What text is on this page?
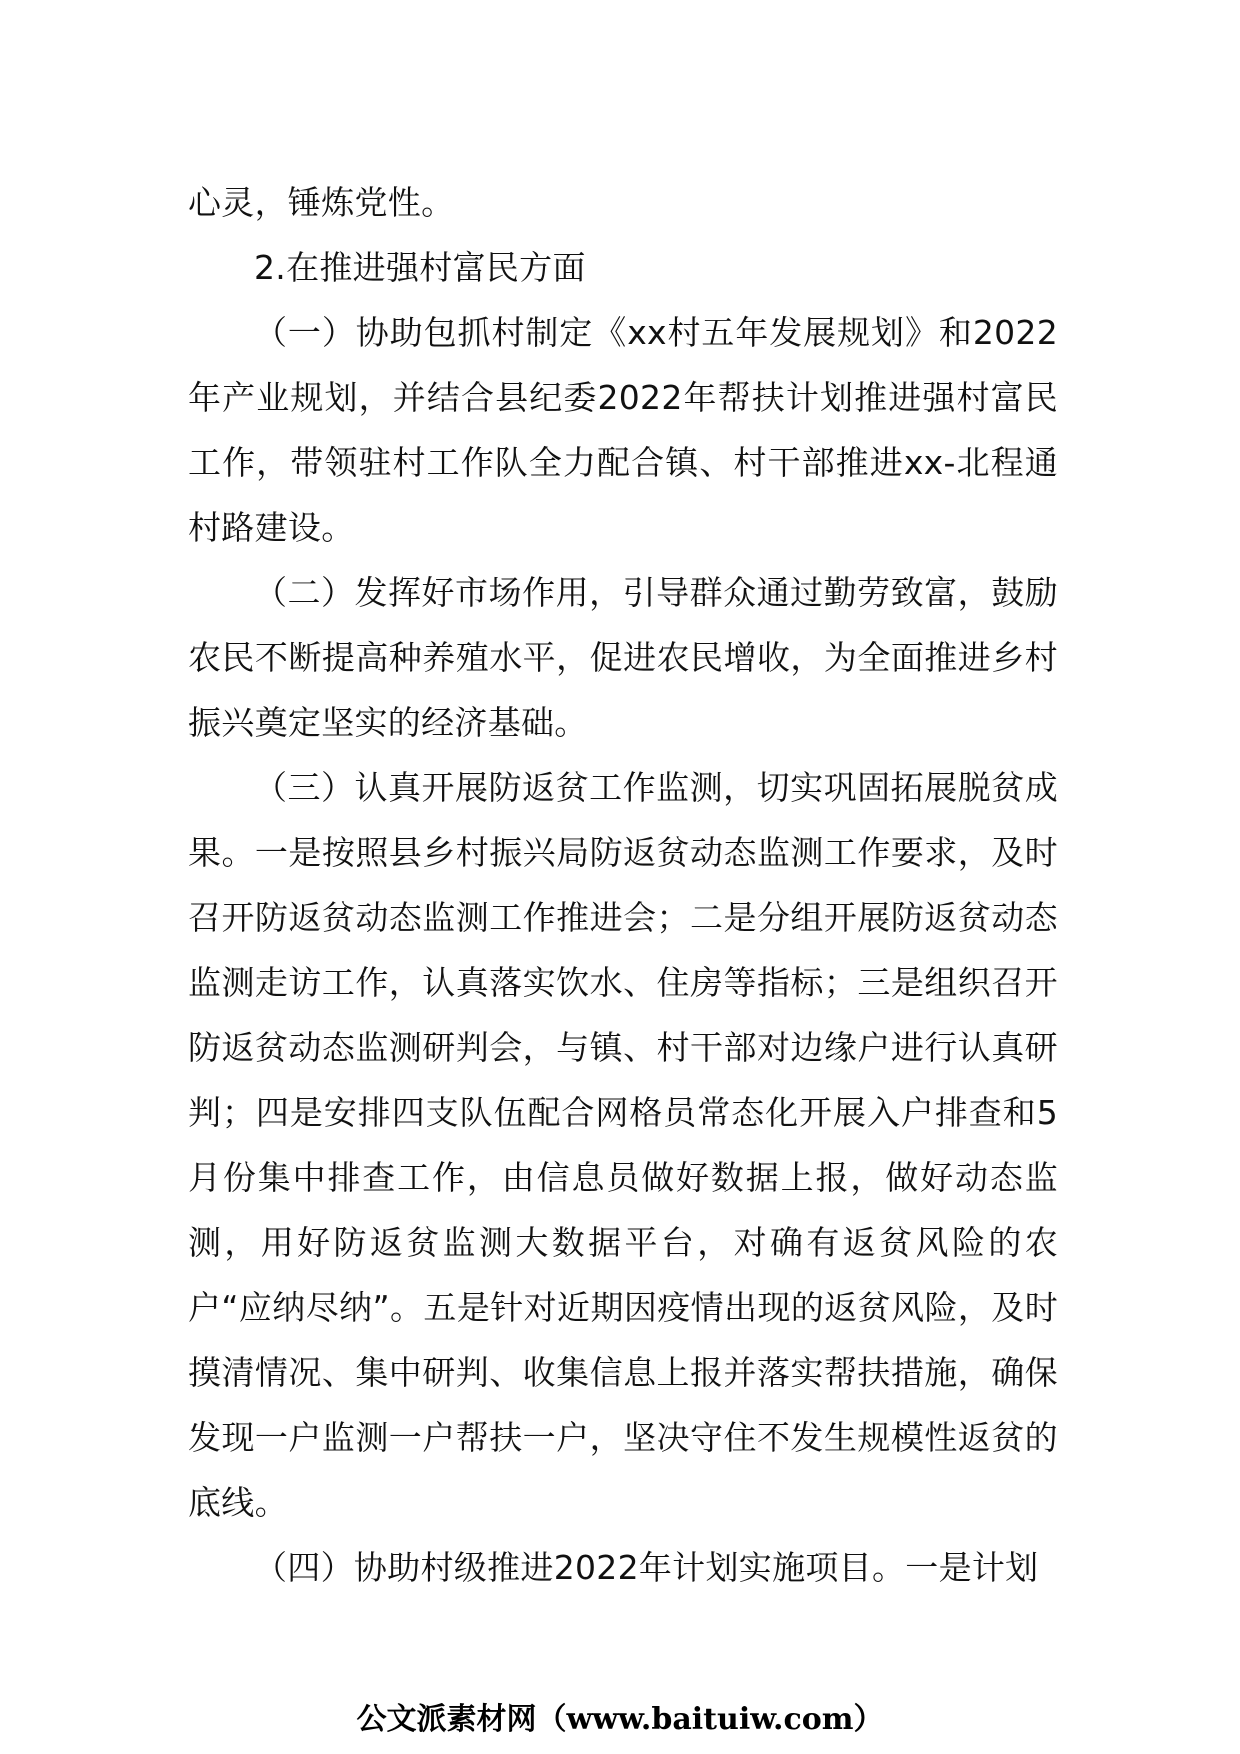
心灵，锤炼党性。

2.在推进强村富民方面

（一）协助包抓村制定《xx村五年发展规划》和2022年产业规划，并结合县纪委2022年帮扶计划推进强村富民工作，带领驻村工作队全力配合镇、村干部推进xx-北程通村路建设。

（二）发挥好市场作用，引导群众通过勤劳致富，鼓励农民不断提高种养殖水平，促进农民增收，为全面推进乡村振兴奠定坚实的经济基础。

（三）认真开展防返贫工作监测，切实巩固拓展脱贫成果。一是按照县乡村振兴局防返贫动态监测工作要求，及时召开防返贫动态监测工作推进会；二是分组开展防返贫动态监测走访工作，认真落实饮水、住房等指标；三是组织召开防返贫动态监测研判会，与镇、村干部对边缘户进行认真研判；四是安排四支队伍配合网格员常态化开展入户排查和5月份集中排查工作，由信息员做好数据上报，做好动态监测，用好防返贫监测大数据平台，对确有返贫风险的农户“应纳尽纳”。五是针对近期因疫情出现的返贫风险，及时摸清情况、集中研判、收集信息上报并落实帮扶措施，确保发现一户监测一户帮扶一户，坚决守住不发生规模性返贫的底线。

（四）协助村级推进2022年计划实施项目。一是计划

公文派素材网（www.baituiw.com）
